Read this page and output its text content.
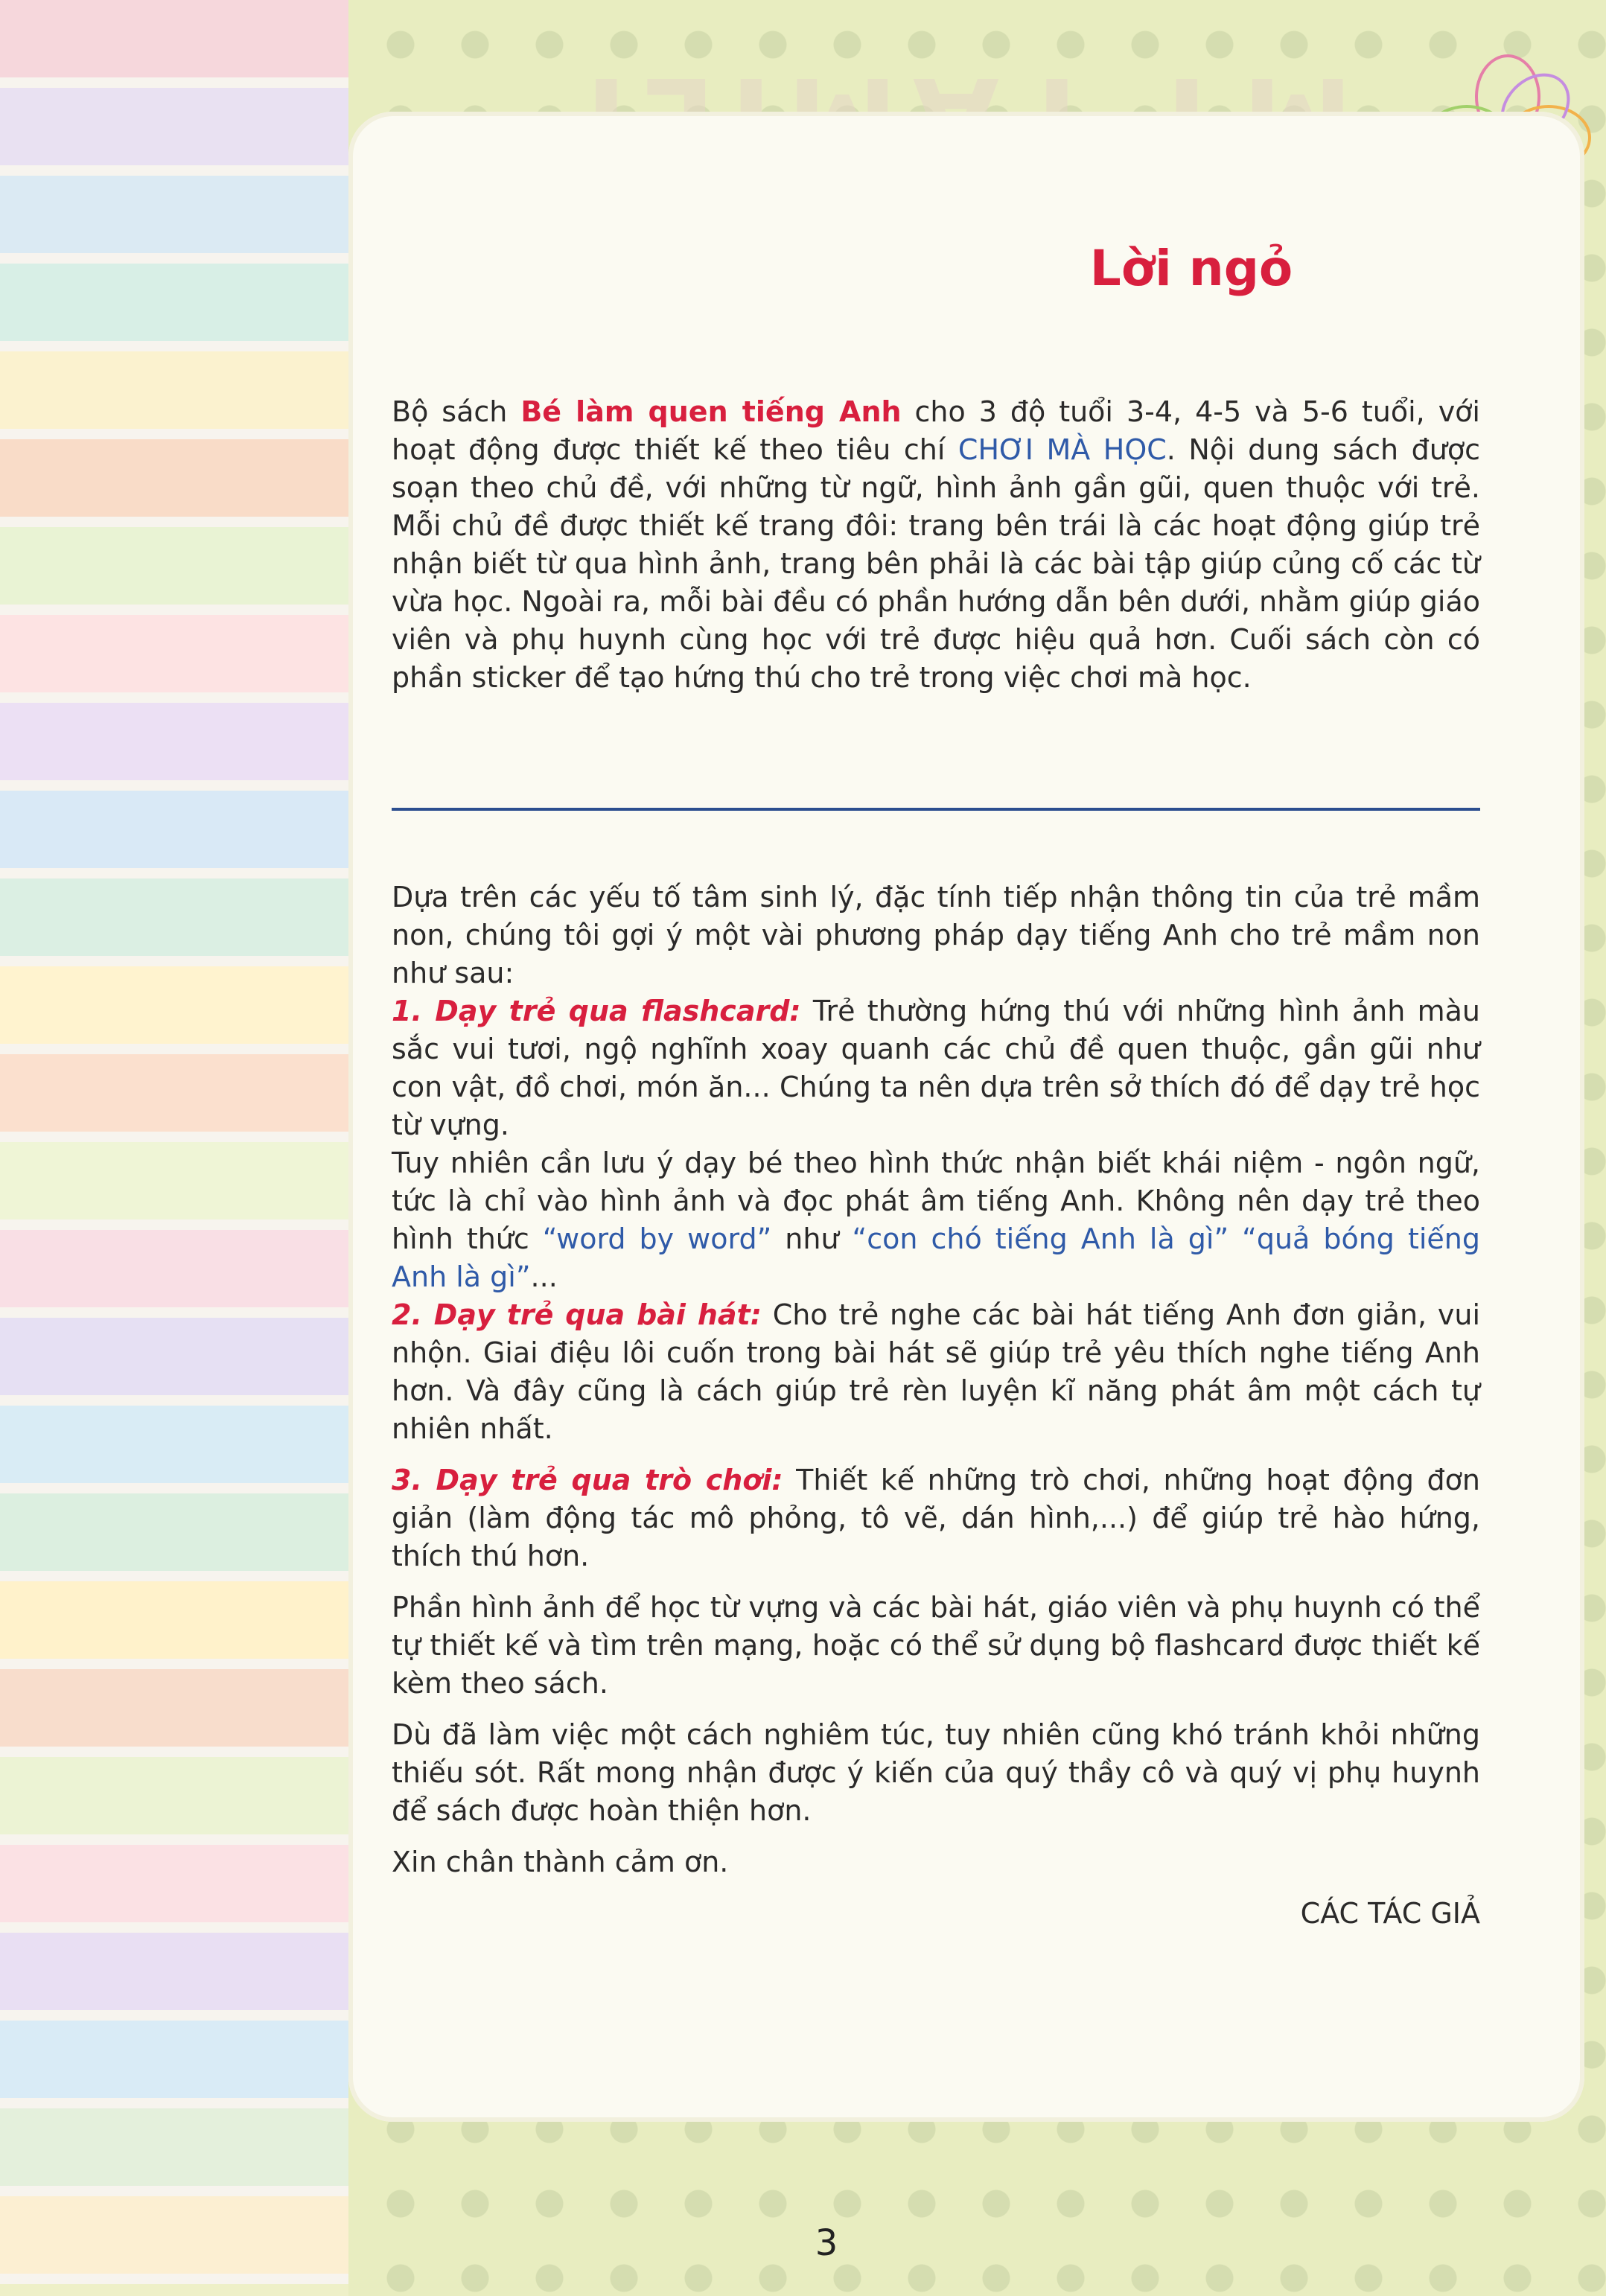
Lời ngỏ

Bộ sách Bé làm quen tiếng Anh cho 3 độ tuổi 3-4, 4-5 và 5-6 tuổi, với hoạt động được thiết kế theo tiêu chí CHƠI MÀ HỌC. Nội dung sách được soạn theo chủ đề, với những từ ngữ, hình ảnh gần gũi, quen thuộc với trẻ. Mỗi chủ đề được thiết kế trang đôi: trang bên trái là các hoạt động giúp trẻ nhận biết từ qua hình ảnh, trang bên phải là các bài tập giúp củng cố các từ vừa học. Ngoài ra, mỗi bài đều có phần hướng dẫn bên dưới, nhằm giúp giáo viên và phụ huynh cùng học với trẻ được hiệu quả hơn. Cuối sách còn có phần sticker để tạo hứng thú cho trẻ trong việc chơi mà học.

Dựa trên các yếu tố tâm sinh lý, đặc tính tiếp nhận thông tin của trẻ mầm non, chúng tôi gợi ý một vài phương pháp dạy tiếng Anh cho trẻ mầm non như sau:

1. Dạy trẻ qua flashcard: Trẻ thường hứng thú với những hình ảnh màu sắc vui tươi, ngộ nghĩnh xoay quanh các chủ đề quen thuộc, gần gũi như con vật, đồ chơi, món ăn... Chúng ta nên dựa trên sở thích đó để dạy trẻ học từ vựng.

Tuy nhiên cần lưu ý dạy bé theo hình thức nhận biết khái niệm - ngôn ngữ, tức là chỉ vào hình ảnh và đọc phát âm tiếng Anh. Không nên dạy trẻ theo hình thức “word by word” như “con chó tiếng Anh là gì” “quả bóng tiếng Anh là gì”...

2. Dạy trẻ qua bài hát: Cho trẻ nghe các bài hát tiếng Anh đơn giản, vui nhộn. Giai điệu lôi cuốn trong bài hát sẽ giúp trẻ yêu thích nghe tiếng Anh hơn. Và đây cũng là cách giúp trẻ rèn luyện kĩ năng phát âm một cách tự nhiên nhất.

3. Dạy trẻ qua trò chơi: Thiết kế những trò chơi, những hoạt động đơn giản (làm động tác mô phỏng, tô vẽ, dán hình,...) để giúp trẻ hào hứng, thích thú hơn.

Phần hình ảnh để học từ vựng và các bài hát, giáo viên và phụ huynh có thể tự thiết kế và tìm trên mạng, hoặc có thể sử dụng bộ flashcard được thiết kế kèm theo sách.

Dù đã làm việc một cách nghiêm túc, tuy nhiên cũng khó tránh khỏi những thiếu sót. Rất mong nhận được ý kiến của quý thầy cô và quý vị phụ huynh để sách được hoàn thiện hơn.

Xin chân thành cảm ơn.

CÁC TÁC GIẢ

3
